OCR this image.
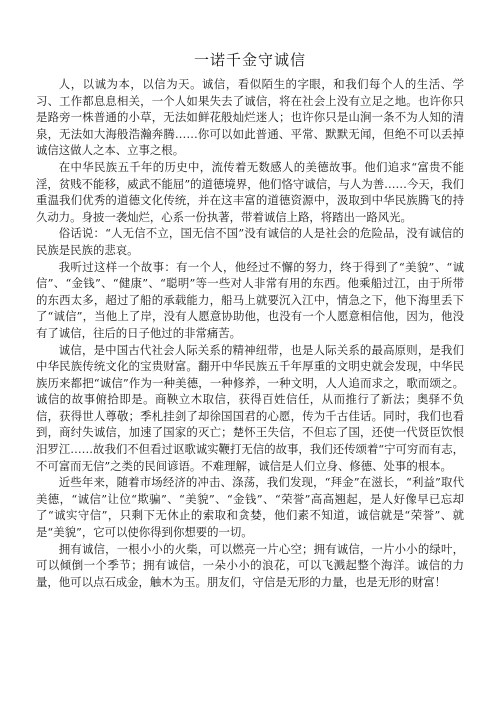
一诺千金守诚信

人，以诚为本，以信为天。诚信，看似陌生的字眼，和我们每个人的生活、学习、工作都息息相关，一个人如果失去了诚信，将在社会上没有立足之地。也许你只是路旁一株普通的小草，无法如鲜花般灿烂迷人；也许你只是山涧一条不为人知的清泉，无法如大海般浩瀚奔腾……你可以如此普通、平常、默默无闻，但绝不可以丢掉诚信这做人之本、立事之根。

在中华民族五千年的历史中，流传着无数感人的美德故事。他们追求“富贵不能淫，贫贱不能移，威武不能屈”的道德境界，他们恪守诚信，与人为善……今天，我们重温我们优秀的道德文化传统，并在这丰富的道德资源中，汲取到中华民族腾飞的持久动力。身披一袭灿烂，心系一份执著，带着诚信上路，将踏出一路风光。

俗话说：“人无信不立，国无信不国”没有诚信的人是社会的危险品，没有诚信的民族是民族的悲哀。

我听过这样一个故事：有一个人，他经过不懈的努力，终于得到了“美貌”、“诚信”、“金钱”、“健康”、“聪明”等一些对人非常有用的东西。他乘船过江，由于所带的东西太多，超过了船的承载能力，船马上就要沉入江中，情急之下，他下海里丢下了“诚信”，当他上了岸，没有人愿意协助他，也没有一个人愿意相信他，因为，他没有了诚信，往后的日子他过的非常痛苦。

诚信，是中国古代社会人际关系的精神纽带，也是人际关系的最高原则，是我们中华民族传统文化的宝贵财富。翻开中华民族五千年厚重的文明史就会发现，中华民族历来都把“诚信”作为一种美德，一种修养，一种文明，人人追而求之，歌而颂之。诚信的故事俯拾即是。商鞅立木取信，获得百姓信任，从而推行了新法；奥驿不负信，获得世人尊敬；季札挂剑了却徐国国君的心愿，传为千古佳话。同时，我们也看到，商纣失诚信，加速了国家的灭亡；楚怀王失信，不但忘了国，还使一代贤臣饮恨汨罗江……故我们不但看过讴歌诚实鞭打无信的故事，我们还传颂着“宁可穷而有志，不可富而无信”之类的民间谚语。不难理解，诚信是人们立身、修德、处事的根本。

近些年来，随着市场经济的冲击、涤荡，我们发现，“拜金”在滋长，“利益”取代美德，“诚信”让位“欺骗”、“美貌”、“金钱”、“荣誉”高高翘起，是人好像早已忘却了“诚实守信”，只剩下无休止的索取和贪婪，他们素不知道，诚信就是“荣誉”、就是“美貌”，它可以使你得到你想要的一切。

拥有诚信，一根小小的火柴，可以燃亮一片心空；拥有诚信，一片小小的绿叶，可以倾倒一个季节；拥有诚信，一朵小小的浪花，可以飞溅起整个海洋。诚信的力量，他可以点石成金，触木为玉。朋友们，守信是无形的力量，也是无形的财富！
